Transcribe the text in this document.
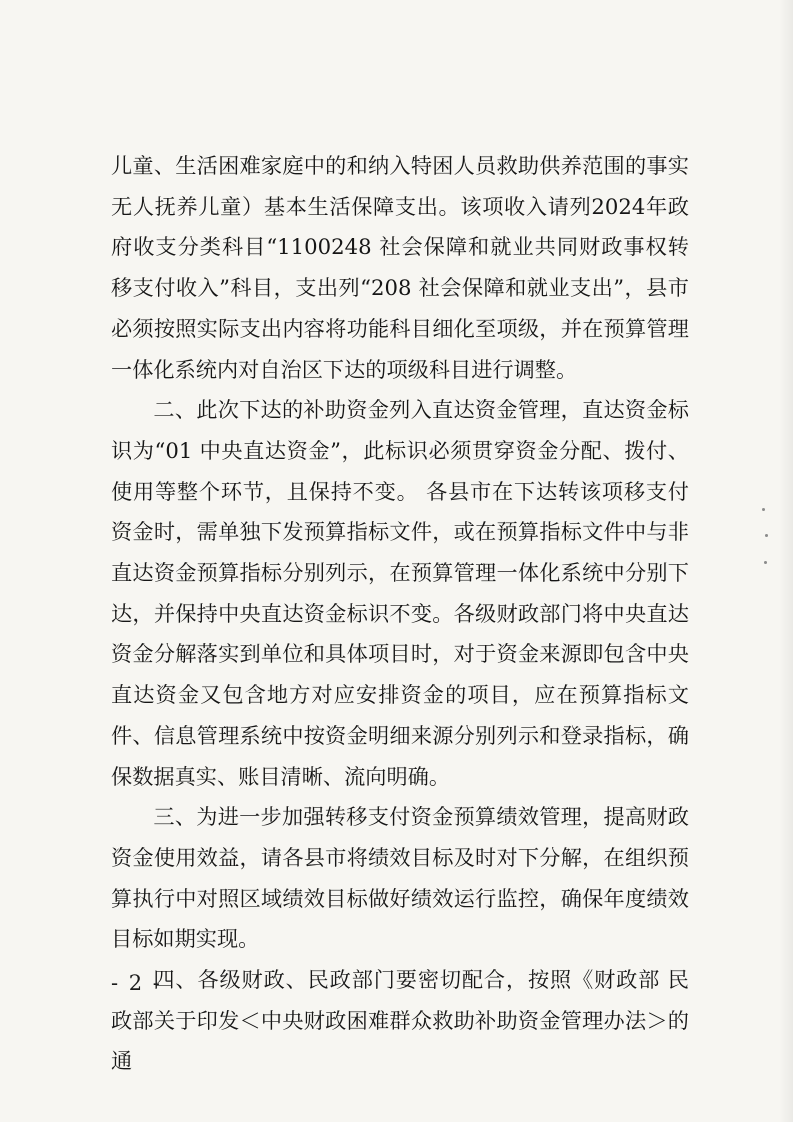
儿童、生活困难家庭中的和纳入特困人员救助供养范围的事实无人抚养儿童）基本生活保障支出。该项收入请列2024年政府收支分类科目“1100248 社会保障和就业共同财政事权转移支付收入”科目，支出列“208 社会保障和就业支出”，县市必须按照实际支出内容将功能科目细化至项级，并在预算管理一体化系统内对自治区下达的项级科目进行调整。

二、此次下达的补助资金列入直达资金管理，直达资金标识为“01 中央直达资金”，此标识必须贯穿资金分配、拨付、使用等整个环节，且保持不变。 各县市在下达转该项移支付资金时，需单独下发预算指标文件，或在预算指标文件中与非直达资金预算指标分别列示，在预算管理一体化系统中分别下达，并保持中央直达资金标识不变。各级财政部门将中央直达资金分解落实到单位和具体项目时，对于资金来源即包含中央直达资金又包含地方对应安排资金的项目，应在预算指标文件、信息管理系统中按资金明细来源分别列示和登录指标，确保数据真实、账目清晰、流向明确。

三、为进一步加强转移支付资金预算绩效管理，提高财政资金使用效益，请各县市将绩效目标及时对下分解，在组织预算执行中对照区域绩效目标做好绩效运行监控，确保年度绩效目标如期实现。

四、各级财政、民政部门要密切配合，按照《财政部 民政部关于印发＜中央财政困难群众救助补助资金管理办法＞的通

- 2 -
